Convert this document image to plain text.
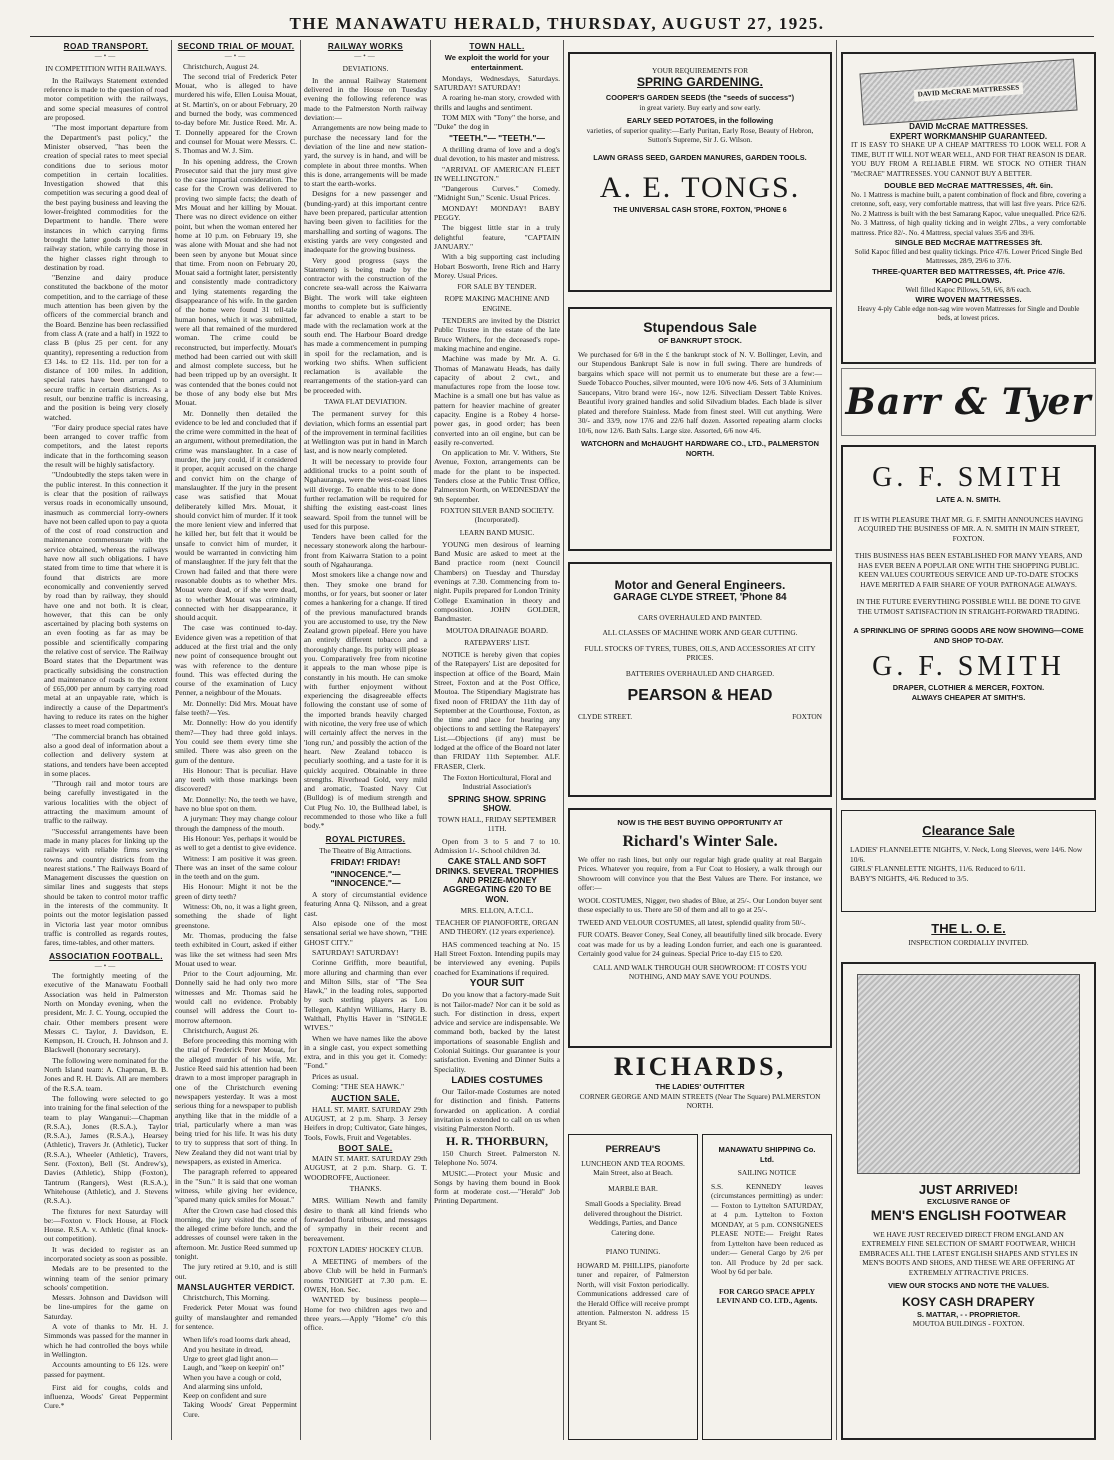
THE MANAWATU HERALD, THURSDAY, AUGUST 27, 1925.
ROAD TRANSPORT.
—•—
IN COMPETITION WITH RAILWAYS.

In the Railways Statement extended reference is made to the question of road motor competition with the railways, and some special measures of control are proposed.

"The most important departure from the Department's past policy," the Minister observed, "has been the creation of special rates to meet special conditions due to serious motor competition in certain localities. Investigation showed that this competition was securing a good deal of the best paying business and leaving the lower-freighted commodities for the Department to handle. There were instances in which carrying firms brought the latter goods to the nearest railway station, while carrying those in the higher classes right through to destination by road.

"Benzine and dairy produce constituted the backbone of the motor competition, and to the carriage of these much attention has been given by the officers of the commercial branch and the Board. Benzine has been reclassified from class A (rate and a half) in 1922 to class B (plus 25 per cent. for any quantity), representing a reduction from £3 14s. to £2 11s. 11d. per ton for a distance of 100 miles. In addition, special rates have been arranged to secure traffic in certain districts. As a result, our benzine traffic is increasing, and the position is being very closely watched.

"For dairy produce special rates have been arranged to cover traffic from competitors, and the latest reports indicate that in the forthcoming season the result will be highly satisfactory.

"Undoubtedly the steps taken were in the public interest. In this connection it is clear that the position of railways versus roads in economically unsound, inasmuch as commercial lorry-owners have not been called upon to pay a quota of the cost of road construction and maintenance commensurate with the service obtained, whereas the railways have now all such obligations. I have stated from time to time that where it is found that districts are more economically and conveniently served by road than by railway, they should have one and not both. It is clear, however, that this can be only ascertained by placing both systems on an even footing as far as may be possible and scientifically comparing the relative cost of service. The Railway Board states that the Department was practically subsidising the construction and maintenance of roads to the extent of £65,000 per annum by carrying road metal at an unpayable rate, which is indirectly a cause of the Department's having to reduce its rates on the higher classes to meet road competition.

"The commercial branch has obtained also a good deal of information about a collection and delivery system at stations, and tenders have been accepted in some places.

"Through rail and motor tours are being carefully investigated in the various localities with the object of attracting the maximum amount of traffic to the railway.

"Successful arrangements have been made in many places for linking up the railways with reliable firms serving towns and country districts from the nearest stations." The Railways Board of Management discusses the question on similar lines and suggests that steps should be taken to control motor traffic in the interests of the community. It points out the motor legislation passed in Victoria last year motor omnibus traffic is controlled as regards routes, fares, time-tables, and other matters.

ASSOCIATION FOOTBALL.
—•—

The fortnightly meeting of the executive of the Manawatu Football Association was held in Palmerston North on Monday evening, when the president, Mr. J. C. Young, occupied the chair. Other members present were Messrs C. Taylor, J. Davidson, E. Kempson, H. Crouch, H. Johnson and J. Blackwell (honorary secretary).

The following were nominated for the North Island team: A. Chapman, B. B. Jones and R. H. Davis. All are members of the R.S.A. team.

The following were selected to go into training for the final selection of the team to play Wanganui:—Chapman (R.S.A.), Jones (R.S.A.), Taylor (R.S.A.), James (R.S.A.), Hearsey (Athletic), Travers Jr. (Athletic), Tucker (R.S.A.), Wheeler (Athletic), Travers, Senr. (Foxton), Bell (St. Andrew's), Davies (Athletic), Shipp (Foxton), Tantrum (Rangers), West (R.S.A.), Whitehouse (Athletic), and J. Stevens (R.S.A.).

The fixtures for next Saturday will be:—Foxton v. Flock House, at Flock House. R.S.A. v. Athletic (final knock-out competition).

It was decided to register as an incorporated society as soon as possible.

Medals are to be presented to the winning team of the senior primary schools' competition.

Messrs. Johnson and Davidson will be line-umpires for the game on Saturday.

A vote of thanks to Mr. H. J. Simmonds was passed for the manner in which he had controlled the boys while in Wellington.

Accounts amounting to £6 12s. were passed for payment.

First aid for coughs, colds and influenza, Woods' Great Peppermint Cure.*

SECOND TRIAL OF MOUAT.
—•—

Christchurch, August 24.

The second trial of Frederick Peter Mouat, who is alleged to have murdered his wife, Ellen Louisa Mouat, at St. Martin's, on or about February, 20 and burned the body, was commenced to-day before Mr. Justice Reed. Mr. A. T. Donnelly appeared for the Crown and counsel for Mouat were Messrs. C. S. Thomas and W. J. Sim.

In his opening address, the Crown Prosecutor said that the jury must give to the case impartial consideration. The case for the Crown was delivered to proving two simple facts; the death of Mrs Mouat and her killing by Mouat. There was no direct evidence on either point, but when the woman entered her home at 10 p.m. on February 19, she was alone with Mouat and she had not been seen by anyone but Mouat since that time. From noon on February 20, Mouat said a fortnight later, persistently and consistently made contradictory and lying statements regarding the disappearance of his wife. In the garden of the home were found 31 tell-tale human bones, which it was submitted, were all that remained of the murdered woman. The crime could be reconstructed, but imperfectly. Mouat's method had been carried out with skill and almost complete success, but he had been tripped up by an oversight. It was contended that the bones could not be those of any body else but Mrs Mouat.

Mr. Donnelly then detailed the evidence to be led and concluded that if the crime were committed in the heat of an argument, without premeditation, the crime was manslaughter. In a case of murder, the jury could, if it considered it proper, acquit accused on the charge and convict him on the charge of manslaughter. If the jury in the present case was satisfied that Mouat deliberately killed Mrs. Mouat, it should convict him of murder. If it took the more lenient view and inferred that he killed her, but felt that it would be unsafe to convict him of murder, it would be warranted in convicting him of manslaughter. If the jury felt that the Crown had failed and that there were reasonable doubts as to whether Mrs. Mouat were dead, or if she were dead, as to whether Mouat was criminally connected with her disappearance, it should acquit.

The case was continued to-day. Evidence given was a repetition of that adduced at the first trial and the only new point of consequence brought out was with reference to the denture found. This was effected during the course of the examination of Lucy Penner, a neighbour of the Mouats.

Mr. Donnelly: Did Mrs. Mouat have false teeth?—Yes.

Mr. Donnelly: How do you identify them?—They had three gold inlays. You could see them every time she smiled. There was also green on the gum of the denture.

His Honour: That is peculiar. Have any teeth with those markings been discovered?

Mr. Donnelly: No, the teeth we have, have no blue spot on them.

A juryman: They may change colour through the dampness of the mouth.

His Honour: Yes, perhaps it would be as well to get a dentist to give evidence.

Witness: I am positive it was green. There was an inset of the same colour in the teeth and on the gum.

His Honour: Might it not be the green of dirty teeth?

Witness: Oh, no, it was a light green, something the shade of light greenstone.

Mr. Thomas, producing the false teeth exhibited in Court, asked if either was like the set witness had seen Mrs Mouat used to wear.

Prior to the Court adjourning, Mr. Donnelly said he had only two more witnesses and Mr. Thomas said he would call no evidence. Probably counsel will address the Court to-morrow afternoon.

Christchurch, August 26.

Before proceeding this morning with the trial of Frederick Peter Mouat, for the alleged murder of his wife, Mr. Justice Reed said his attention had been drawn to a most improper paragraph in one of the Christchurch evening newspapers yesterday. It was a most serious thing for a newspaper to publish anything like that in the middle of a trial, particularly where a man was being tried for his life. It was his duty to try to suppress that sort of thing. In New Zealand they did not want trial by newspapers, as existed in America.

The paragraph referred to appeared in the "Sun." It is said that one woman witness, while giving her evidence, "spared many quick smiles for Mouat."

After the Crown case had closed this morning, the jury visited the scene of the alleged crime before lunch, and the addresses of counsel were taken in the afternoon. Mr. Justice Reed summed up tonight.

The jury retired at 9.10, and is still out.

MANSLAUGHTER VERDICT.

Christchurch, This Morning.

Frederick Peter Mouat was found guilty of manslaughter and remanded for sentence.

When life's road looms dark ahead,
And you hesitate in dread,
Urge to greet glad light anon—
Laugh, and "keep on keepin' on!"
When you have a cough or cold,
And alarming sins unfold,
Keep on confident and sure
Taking Woods' Great Peppermint Cure.
RAILWAY WORKS
—•—
DEVIATIONS.

In the annual Railway Statement delivered in the House on Tuesday evening the following reference was made to the Palmerston North railway deviation:—

Arrangements are now being made to purchase the necessary land for the deviation of the line and new station-yard, the survey is in hand, and will be complete in about three months. When this is done, arrangements will be made to start the earth-works.

Designs for a new passenger and (bunding-yard) at this important centre have been prepared, particular attention having been given to facilities for the marshalling and sorting of wagons. The existing yards are very congested and inadequate for the growing business.

Very good progress (says the Statement) is being made by the contractor with the construction of the concrete sea-wall across the Kaiwarra Bight. The work will take eighteen months to complete but is sufficiently far advanced to enable a start to be made with the reclamation work at the south end. The Harbour Board dredge has made a commencement in pumping in spoil for the reclamation, and is working two shifts. When sufficient reclamation is available the rearrangements of the station-yard can be proceeded with.

TAWA FLAT DEVIATION.

The permanent survey for this deviation, which forms an essential part of the improvement in terminal facilities at Wellington was put in hand in March last, and is now nearly completed.

It will be necessary to provide four additional trucks to a point south of Ngahauranga, were the west-coast lines will diverge. To enable this to be done further reclamation will be required for shifting the existing east-coast lines seaward. Spoil from the tunnel will be used for this purpose.

Tenders have been called for the necessary stonework along the harbour-front from Kaiwarra Station to a point south of Ngahauranga.

Most smokers like a change now and then. They smoke one brand for months, or for years, but sooner or later comes a hankering for a change. If tired of the previous manufactured brands you are accustomed to use, try the New Zealand grown pipeleaf. Here you have an entirely different tobacco and a thoroughly change. Its purity will please you. Comparatively free from nicotine it appeals to the man whose pipe is constantly in his mouth. He can smoke with further enjoyment without experiencing the disagreeable effects following the constant use of some of the imported brands heavily charged with nicotine, the very free use of which will certainly affect the nerves in the 'long run,' and possibly the action of the heart. New Zealand tobacco is peculiarly soothing, and a taste for it is quickly acquired. Obtainable in three strengths. Riverhead Gold, very mild and aromatic, Toasted Navy Cut (Bulldog) is of medium strength and Cut Plug No. 10, the Bullhead label, is recommended to those who like a full body.*

ROYAL PICTURES.
The Theatre of Big Attractions.
FRIDAY! FRIDAY!
"INNOCENCE."— "INNOCENCE."—

A story of circumstantial evidence featuring Anna Q. Nilsson, and a great cast.

Also episode one of the most sensational serial we have shown, "THE GHOST CITY."

SATURDAY! SATURDAY!

Corinne Griffith, more beautiful, more alluring and charming than ever and Milton Sills, star of "The Sea Hawk," in the leading roles, supported by such sterling players as Lou Tellegen, Kathlyn Williams, Harry B. Walthall, Phyllis Haver in "SINGLE WIVES."

When we have names like the above in a single cast, you expect something extra, and in this you get it. Comedy: "Fond."

Prices as usual.

Coming: "THE SEA HAWK."

AUCTION SALE.

HALL ST. MART. SATURDAY 29th AUGUST, at 2 p.m. Sharp. 3 Jersey Heifers in drop; Cultivator, Gate hinges, Tools, Fowls, Fruit and Vegetables.

BOOT SALE.

MAIN ST. MART. SATURDAY 29th AUGUST, at 2 p.m. Sharp. G. T. WOODROFFE, Auctioneer.

THANKS.

MRS. William Newth and family desire to thank all kind friends who forwarded floral tributes, and messages of sympathy in their recent and bereavement.

FOXTON LADIES' HOCKEY CLUB.

A MEETING of members of the above Club will be held in Furman's rooms TONIGHT at 7.30 p.m. E. OWEN, Hon. Sec.

WANTED by business people—Home for two children ages two and three years.—Apply "Home" c/o this office.

TOWN HALL.
We exploit the world for your entertainment.

Mondays, Wednesdays, Saturdays. SATURDAY! SATURDAY!

A roaring he-man story, crowded with thrills and laughs and sentiment.

TOM MIX with "Tony" the horse, and "Duke" the dog in

"TEETH."— "TEETH."—

A thrilling drama of love and a dog's dual devotion, to his master and mistress.

"ARRIVAL OF AMERICAN FLEET IN WELLINGTON."

"Dangerous Curves." Comedy. "Midnight Sun," Scenic. Usual Prices.

MONDAY! MONDAY! BABY PEGGY.

The biggest little star in a truly delightful feature, "CAPTAIN JANUARY."

With a big supporting cast including Hobart Bosworth, Irene Rich and Harry Morey. Usual Prices.

FOR SALE BY TENDER.
ROPE MAKING MACHINE AND ENGINE.

TENDERS are invited by the District Public Trustee in the estate of the late Bruce Withers, for the deceased's rope-making machine and engine.

Machine was made by Mr. A. G. Thomas of Manawatu Heads, has daily capacity of about 2 cwt., and manufactures rope from the loose tow. Machine is a small one but has value as pattern for heavier machine of greater capacity. Engine is a Robey 4 horse-power gas, in good order; has been converted into an oil engine, but can be easily re-converted.

On application to Mr. V. Withers, Ste Avenue, Foxton, arrangements can be made for the plant to be inspected. Tenders close at the Public Trust Office, Palmerston North, on WEDNESDAY the 9th September.

FOXTON SILVER BAND SOCIETY. (Incorporated).
LEARN BAND MUSIC.

YOUNG men desirous of learning Band Music are asked to meet at the Band practice room (next Council Chambers) on Tuesday and Thursday evenings at 7.30. Commencing from to-night. Pupils prepared for London Trinity College Examination in theory and composition. JOHN GOLDER, Bandmaster.

MOUTOA DRAINAGE BOARD.
RATEPAYERS' LIST.

NOTICE is hereby given that copies of the Ratepayers' List are deposited for inspection at office of the Board, Main Street, Foxton and at the Post Office, Moutoa. The Stipendiary Magistrate has fixed noon of FRIDAY the 11th day of September at the Courthouse, Foxton, as the time and place for hearing any objections to and settling the Ratepayers' List.—Objections (if any) must be lodged at the office of the Board not later than FRIDAY 11th September. ALF. FRASER, Clerk.

The Foxton Horticultural, Floral and Industrial Association's
SPRING SHOW. SPRING SHOW.
TOWN HALL, FRIDAY SEPTEMBER 11TH.

Open from 3 to 5 and 7 to 10. Admission 1/-. School children 3d.

CAKE STALL AND SOFT DRINKS. SEVERAL TROPHIES AND PRIZE-MONEY AGGREGATING £20 TO BE WON.
MRS. ELLON, A.T.C.L.
TEACHER OF PIANOFORTE, ORGAN AND THEORY. (12 years experience).

HAS commenced teaching at No. 15 Hall Street Foxton. Intending pupils may be interviewed any evening. Pupils coached for Examinations if required.

YOUR SUIT

Do you know that a factory-made Suit is not Tailor-made? Nor can it be sold as such. For distinction in dress, expert advice and service are indispensable. We command both, backed by the latest importations of seasonable English and Colonial Suitings. Our guarantee is your satisfaction. Evening and Dinner Suits a Speciality.

LADIES COSTUMES

Our Tailor-made Costumes are noted for distinction and finish. Patterns forwarded on application. A cordial invitation is extended to call on us when visiting Palmerston North.

H. R. THORBURN,

150 Church Street. Palmerston N. Telephone No. 5074.

MUSIC.—Protect your Music and Songs by having them bound in Book form at moderate cost.—"Herald" Job Printing Department.

YOUR REQUIREMENTS FOR
SPRING GARDENING.
COOPER'S GARDEN SEEDS (the "seeds of success")
in great variety. Buy early and sow early.
EARLY SEED POTATOES, in the following
varieties, of superior quality:—Early Puritan, Early Rose, Beauty of Hebron, Sutton's Supreme, Sir J. G. Wilson.
LAWN GRASS SEED, GARDEN MANURES, GARDEN TOOLS.
A. E. TONGS.
THE UNIVERSAL CASH STORE, FOXTON, 'PHONE 6
Stupendous Sale
OF BANKRUPT STOCK.
We purchased for 6/8 in the £ the bankrupt stock of N. V. Bollinger, Levin, and our Stupendous Bankrupt Sale is now in full swing. There are hundreds of bargains which space will not permit us to enumerate but these are a few:— Suede Tobacco Pouches, silver mounted, were 10/6 now 4/6. Sets of 3 Aluminium Saucepans, Vitro brand were 16/-, now 12/6. Silvecliam Dessert Table Knives. Beautiful ivory grained handles and solid Silvadium blades. Each blade is silver plated and therefore Stainless. Made from finest steel. Will cut anything. Were 30/- and 33/9, now 17/6 and 22/6 half dozen. Assorted repeating alarm clocks 10/6, now 12/6. Bath Salts. Large size. Assorted, 6/6 now 4/6.
WATCHORN and McHAUGHT HARDWARE CO., LTD., PALMERSTON NORTH.
Motor and General Engineers.
GARAGE CLYDE STREET, 'Phone 84
CARS OVERHAULED AND PAINTED.
ALL CLASSES OF MACHINE WORK AND GEAR CUTTING.
FULL STOCKS OF TYRES, TUBES, OILS, AND ACCESSORIES AT CITY PRICES.
BATTERIES OVERHAULED AND CHARGED.
PEARSON & HEAD
CLYDE STREET.	FOXTON
NOW IS THE BEST BUYING OPPORTUNITY AT
Richard's Winter Sale.
We offer no rash lines, but only our regular high grade quality at real Bargain Prices. Whatever you require, from a Fur Coat to Hosiery, a walk through our Showroom will convince you that the Best Values are There. For instance, we offer:—
WOOL COSTUMES, Nigger, two shades of Blue, at 25/-. Our London buyer sent these especially to us. There are 50 of them and all to go at 25/-.
TWEED AND VELOUR COSTUMES, all latest, splendid quality from 50/-.
FUR COATS. Beaver Coney, Seal Coney, all beautifully lined silk brocade. Every coat was made for us by a leading London furrier, and each one is guaranteed. Certainly good value for 24 guineas. Special Price to-day £15 to £20.
CALL AND WALK THROUGH OUR SHOWROOM: IT COSTS YOU NOTHING, AND MAY SAVE YOU POUNDS.
RICHARDS,
THE LADIES' OUTFITTER
CORNER GEORGE AND MAIN STREETS (Near The Square) PALMERSTON NORTH.
PERREAU'S
LUNCHEON AND TEA ROOMS. Main Street, also at Beach.
MARBLE BAR.
Small Goods a Speciality. Bread delivered throughout the District. Weddings, Parties, and Dance Catering done.
PIANO TUNING.
HOWARD M. PHILLIPS, pianoforte tuner and repairer, of Palmerston North, will visit Foxton periodically. Communications addressed care of the Herald Office will receive prompt attention. Palmerston N. address 15 Bryant St.
MANAWATU SHIPPING Co. Ltd.
SAILING NOTICE
S.S. KENNEDY leaves (circumstances permitting) as under:— Foxton to Lyttelton SATURDAY, at 4 p.m. Lyttelton to Foxton MONDAY, at 5 p.m. CONSIGNEES PLEASE NOTE:— Freight Rates from Lyttelton have been reduced as under:— General Cargo by 2/6 per ton. All Produce by 2d per sack. Wool by 6d per bale.
FOR CARGO SPACE APPLY LEVIN AND CO. LTD., Agents.
DAVID McCRAE MATTRESSES
DAVID McCRAE MATTRESSES.
EXPERT WORKMANSHIP GUARANTEED.
IT IS EASY TO SHAKE UP A CHEAP MATTRESS TO LOOK WELL FOR A TIME, BUT IT WILL NOT WEAR WELL, AND FOR THAT REASON IS DEAR. YOU BUY FROM A RELIABLE FIRM. WE STOCK NO OTHER THAN "McCRAE" MATTRESSES. YOU CANNOT BUY A BETTER.
DOUBLE BED McCRAE MATTRESSES, 4ft. 6in.
No. 1 Mattress is machine built, a patent combination of flock and fibre, covering a cretonne, soft, easy, very comfortable mattress, that will last five years. Price 62/6. No. 2 Mattress is built with the best Samarang Kapoc, value unequalled. Price 62/6. No. 3 Mattress, of high quality ticking and in weight 27lbs., a very comfortable mattress. Price 82/-. No. 4 Mattress, special values 35/6 and 39/6.
SINGLE BED McCRAE MATTRESSES 3ft.
Solid Kapoc filled and best quality tickings. Price 47/6. Lower Priced Single Bed Mattresses, 28/9, 29/6 to 37/6.
THREE-QUARTER BED MATTRESSES, 4ft. Price 47/6.
KAPOC PILLOWS.
Well filled Kapoc Pillows, 5/9, 6/6, 8/6 each.
WIRE WOVEN MATTRESSES.
Heavy 4-ply Cable edge non-sag wire woven Mattresses for Single and Double beds, at lowest prices.
Barr & Tyer
G. F. SMITH
LATE A. N. SMITH.
IT IS WITH PLEASURE THAT MR. G. F. SMITH ANNOUNCES HAVING ACQUIRED THE BUSINESS OF MR. A. N. SMITH IN MAIN STREET, FOXTON.
THIS BUSINESS HAS BEEN ESTABLISHED FOR MANY YEARS, AND HAS EVER BEEN A POPULAR ONE WITH THE SHOPPING PUBLIC. KEEN VALUES COURTEOUS SERVICE AND UP-TO-DATE STOCKS HAVE MERITED A FAIR SHARE OF YOUR PATRONAGE ALWAYS.
IN THE FUTURE EVERYTHING POSSIBLE WILL BE DONE TO GIVE THE UTMOST SATISFACTION IN STRAIGHT-FORWARD TRADING.
A SPRINKLING OF SPRING GOODS ARE NOW SHOWING—COME AND SHOP TO-DAY.
G. F. SMITH
DRAPER, CLOTHIER & MERCER, FOXTON.
ALWAYS CHEAPER AT SMITH'S.
Clearance Sale
LADIES' FLANNELETTE NIGHTS, V. Neck, Long Sleeves, were 14/6. Now 10/6.
GIRLS' FLANNELETTE NIGHTS, 11/6. Reduced to 6/11.
BABY'S NIGHTS, 4/6. Reduced to 3/5.
THE L. O. E.
INSPECTION CORDIALLY INVITED.
JUST ARRIVED!
EXCLUSIVE RANGE OF
MEN'S ENGLISH FOOTWEAR
WE HAVE JUST RECEIVED DIRECT FROM ENGLAND AN EXTREMELY FINE SELECTION OF SMART FOOTWEAR, WHICH EMBRACES ALL THE LATEST ENGLISH SHAPES AND STYLES IN MEN'S BOOTS AND SHOES, AND THESE WE ARE OFFERING AT EXTREMELY ATTRACTIVE PRICES.
VIEW OUR STOCKS AND NOTE THE VALUES.
KOSY CASH DRAPERY
S. MATTAR, - - PROPRIETOR.
MOUTOA BUILDINGS - FOXTON.
